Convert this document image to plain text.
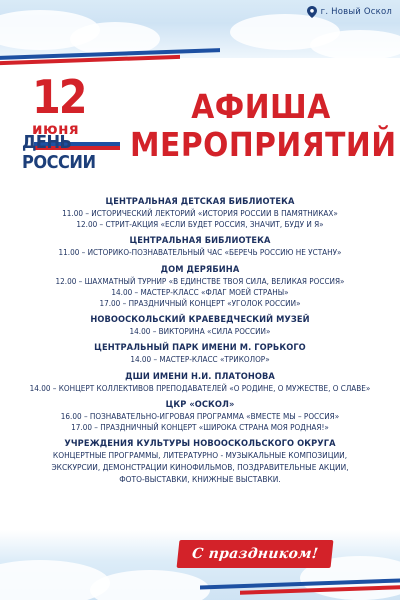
г. Новый Оскол
12
июня
ДЕНЬ
РОССИИ
АФИША
МЕРОПРИЯТИЙ
ЦЕНТРАЛЬНАЯ ДЕТСКАЯ БИБЛИОТЕКА
11.00 – ИСТОРИЧЕСКИЙ ЛЕКТОРИЙ «ИСТОРИЯ РОССИИ В ПАМЯТНИКАХ»
12.00 – СТРИТ-АКЦИЯ «ЕСЛИ БУДЕТ РОССИЯ, ЗНАЧИТ, БУДУ И Я»
ЦЕНТРАЛЬНАЯ БИБЛИОТЕКА
11.00 – ИСТОРИКО-ПОЗНАВАТЕЛЬНЫЙ ЧАС «БЕРЕЧЬ РОССИЮ НЕ УСТАНУ»
ДОМ ДЕРЯБИНА
12.00 – ШАХМАТНЫЙ ТУРНИР «В ЕДИНСТВЕ ТВОЯ СИЛА, ВЕЛИКАЯ РОССИЯ»
14.00 – МАСТЕР-КЛАСС «ФЛАГ МОЕЙ СТРАНЫ»
17.00 – ПРАЗДНИЧНЫЙ КОНЦЕРТ «УГОЛОК РОССИИ»
НОВООСКОЛЬСКИЙ КРАЕВЕДЧЕСКИЙ МУЗЕЙ
14.00 – ВИКТОРИНА «СИЛА РОССИИ»
ЦЕНТРАЛЬНЫЙ ПАРК ИМЕНИ М. ГОРЬКОГО
14.00 – МАСТЕР-КЛАСС «ТРИКОЛОР»
ДШИ ИМЕНИ Н.И. ПЛАТОНОВА
14.00 – КОНЦЕРТ КОЛЛЕКТИВОВ ПРЕПОДАВАТЕЛЕЙ «О РОДИНЕ, О МУЖЕСТВЕ, О СЛАВЕ»
ЦКР «ОСКОЛ»
16.00 – ПОЗНАВАТЕЛЬНО-ИГРОВАЯ ПРОГРАММА «ВМЕСТЕ МЫ – РОССИЯ»
17.00 – ПРАЗДНИЧНЫЙ КОНЦЕРТ «ШИРОКА СТРАНА МОЯ РОДНАЯ!»
УЧРЕЖДЕНИЯ КУЛЬТУРЫ НОВООСКОЛЬСКОГО ОКРУГА
КОНЦЕРТНЫЕ ПРОГРАММЫ, ЛИТЕРАТУРНО - МУЗЫКАЛЬНЫЕ КОМПОЗИЦИИ,
ЭКСКУРСИИ, ДЕМОНСТРАЦИИ КИНОФИЛЬМОВ, ПОЗДРАВИТЕЛЬНЫЕ АКЦИИ,
ФОТО-ВЫСТАВКИ, КНИЖНЫЕ ВЫСТАВКИ.
С праздником!
